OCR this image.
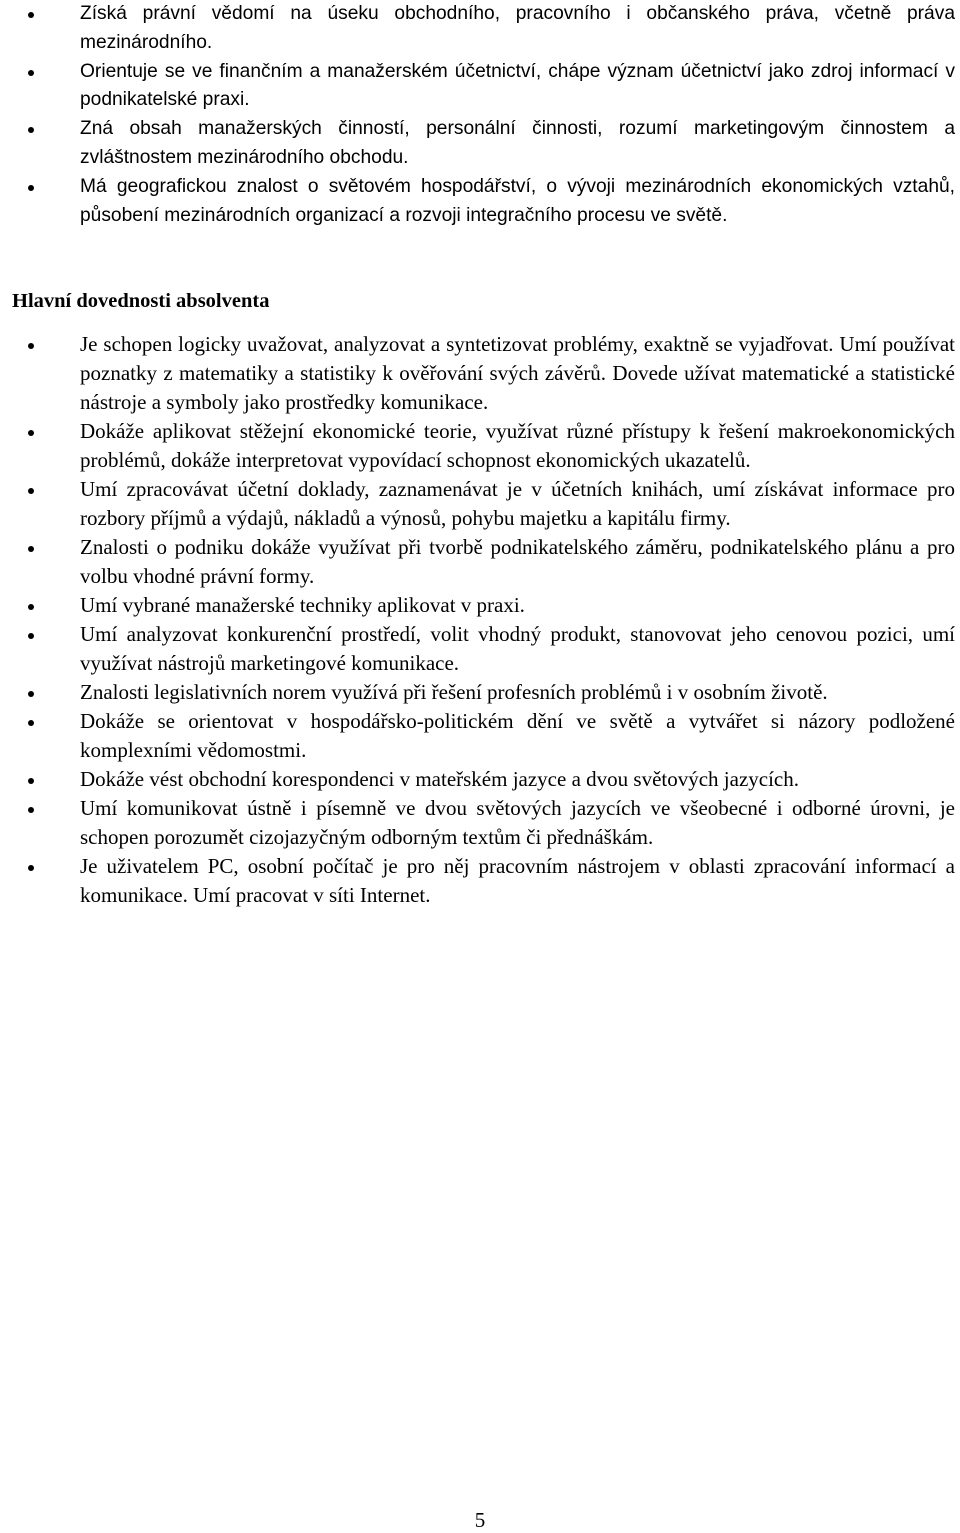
Získá právní vědomí na úseku obchodního, pracovního i občanského práva, včetně práva mezinárodního.
Orientuje se ve finančním a manažerském účetnictví, chápe význam účetnictví jako zdroj informací v podnikatelské praxi.
Zná obsah manažerských činností, personální činnosti, rozumí marketingovým činnostem a zvláštnostem mezinárodního obchodu.
Má geografickou znalost o světovém hospodářství, o vývoji mezinárodních ekonomických vztahů, působení mezinárodních organizací a rozvoji integračního procesu ve světě.
Hlavní dovednosti absolventa
Je schopen logicky uvažovat, analyzovat a syntetizovat problémy, exaktně se vyjadřovat. Umí používat poznatky z matematiky a statistiky k ověřování svých závěrů. Dovede užívat matematické a statistické nástroje a symboly jako prostředky komunikace.
Dokáže aplikovat stěžejní ekonomické teorie, využívat různé přístupy k řešení makroekonomických problémů, dokáže interpretovat vypovídací schopnost ekonomických ukazatelů.
Umí zpracovávat účetní doklady, zaznamenávat je v účetních knihách, umí získávat informace pro rozbory příjmů a výdajů, nákladů a výnosů, pohybu majetku a kapitálu firmy.
Znalosti o podniku dokáže využívat při tvorbě podnikatelského záměru, podnikatelského plánu a pro volbu vhodné právní formy.
Umí vybrané manažerské techniky aplikovat v praxi.
Umí analyzovat konkurenční prostředí, volit vhodný produkt, stanovovat jeho cenovou pozici, umí využívat nástrojů marketingové komunikace.
Znalosti legislativních norem využívá při řešení profesních problémů i v osobním životě.
Dokáže se orientovat v hospodářsko-politickém dění ve světě a vytvářet si názory podložené komplexními vědomostmi.
Dokáže vést obchodní korespondenci v mateřském jazyce a dvou světových jazycích.
Umí komunikovat ústně i písemně ve dvou světových jazycích ve všeobecné i odborné úrovni, je schopen porozumět cizojazyčným odborným textům či přednáškám.
Je uživatelem PC, osobní počítač je pro něj pracovním nástrojem v oblasti zpracování informací a komunikace. Umí pracovat v síti Internet.
5
